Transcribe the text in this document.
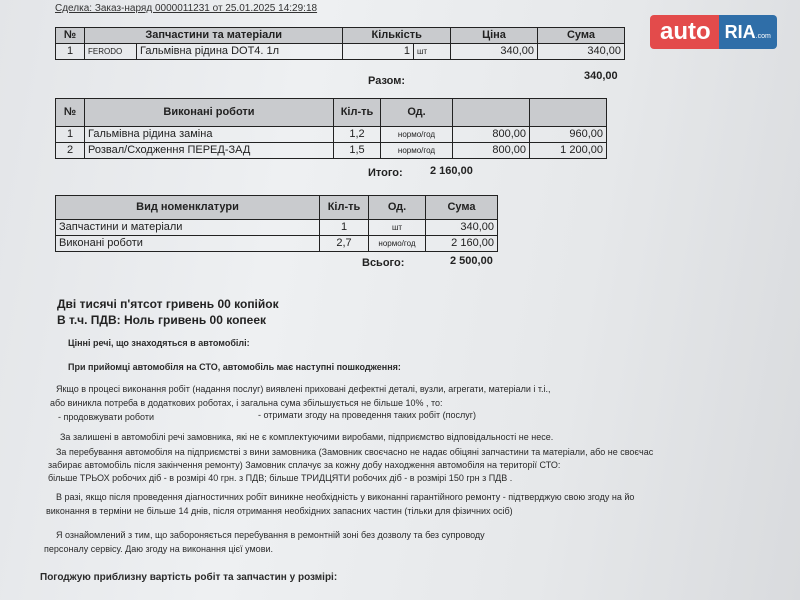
Сделка: Заказ-наряд 0000011231 от 25.01.2025 14:29:18
auto RIA.com
№	Запчастини та матеріали		Кількість		Ціна	Сума
1	FERODO	Гальмівна рідина DOT4. 1л	1	шт	340,00	340,00
Разом:	340,00
№	Виконані роботи	Кіл-ть	Од.		
1	Гальмівна рідина заміна	1,2	нормо/год	800,00	960,00
2	Розвал/Сходження ПЕРЕД-ЗАД	1,5	нормо/год	800,00	1 200,00
Итого: 2 160,00
Вид номенклатури	Кіл-ть	Од.	Сума
Запчастини и матеріали	1	шт	340,00
Виконані роботи	2,7	нормо/год	2 160,00
Всього:	2 500,00
Дві тисячі п'ятсот гривень 00 копійок
В т.ч. ПДВ: Ноль гривень 00 копеек
Цінні речі, що знаходяться в автомобілі:
При прийомці автомобіля на СТО, автомобіль має наступні пошкодження:
Якщо в процесі виконання робіт (надання послуг) виявлені приховані дефектні деталі, вузли, агрегати, матеріали і т.і.,
або виникла потреба в додаткових роботах, і загальна сума збільшується не більше 10% , то:
- продовжувати роботи	- отримати згоду на проведення таких робіт (послуг)
За залишені в автомобілі речі замовника, які не є комплектуючими виробами, підприємство відповідальності не несе.
За перебування автомобіля на підприємстві з вини замовника (Замовник своєчасно не надає обіцяні запчастини та матеріали, або не своєчас
забирає автомобіль після закінчення ремонту) Замовник сплачує за кожну добу находження автомобіля на території СТО:
більше ТРЬОХ робочих діб - в розмірі 40 грн. з ПДВ; більше ТРИДЦЯТИ робочих діб - в розмірі 150 грн з ПДВ .
В разі, якщо після проведення діагностичних робіт виникне необхідність у виконанні гарантійного ремонту - підтверджую свою згоду на йо
виконання в терміни не більше 14 днів, після отримання необхідних запасних частин (тільки для фізичних осіб)
Я ознайомлений з тим, що забороняється перебування в ремонтній зоні без дозволу та без супроводу
персоналу сервісу. Даю згоду на виконання цієї умови.
Погоджую приблизну вартість робіт та запчастин у розмірі:
